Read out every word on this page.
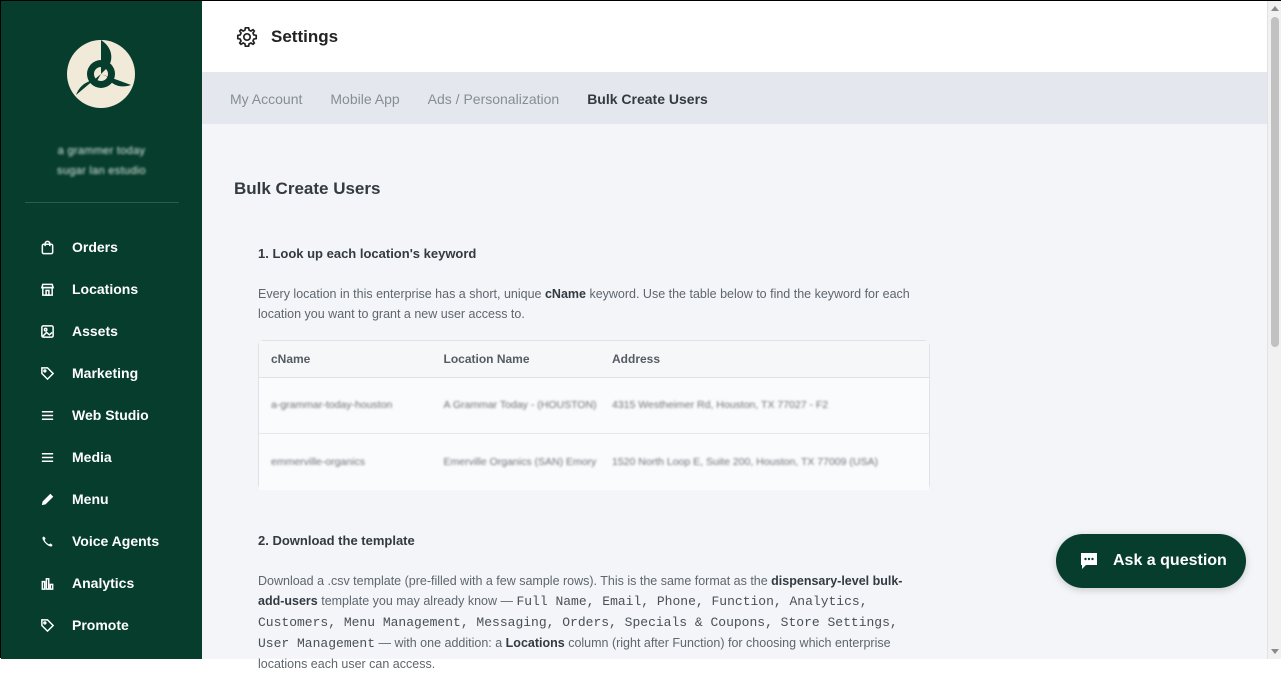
a grammer today
sugar lan estudio
Orders
Locations
Assets
Marketing
Web Studio
Media
Menu
Voice Agents
Analytics
Promote
Settings
My Account Mobile App Ads / Personalization Bulk Create Users
Bulk Create Users
1. Look up each location's keyword
Every location in this enterprise has a short, unique cName keyword. Use the table below to find the keyword for each location you want to grant a new user access to.
cName	Location Name	Address
a-grammar-today-houston	A Grammar Today - (HOUSTON)	4315 Westheimer Rd, Houston, TX 77027 - F2
emmerville-organics	Emerville Organics (SAN) Emory	1520 North Loop E, Suite 200, Houston, TX 77009 (USA)
2. Download the template
Download a .csv template (pre-filled with a few sample rows). This is the same format as the dispensary-level bulk-add-users template you may already know — Full Name, Email, Phone, Function, Analytics, Customers, Menu Management, Messaging, Orders, Specials & Coupons, Store Settings, User Management — with one addition: a Locations column (right after Function) for choosing which enterprise locations each user can access.
Ask a question
